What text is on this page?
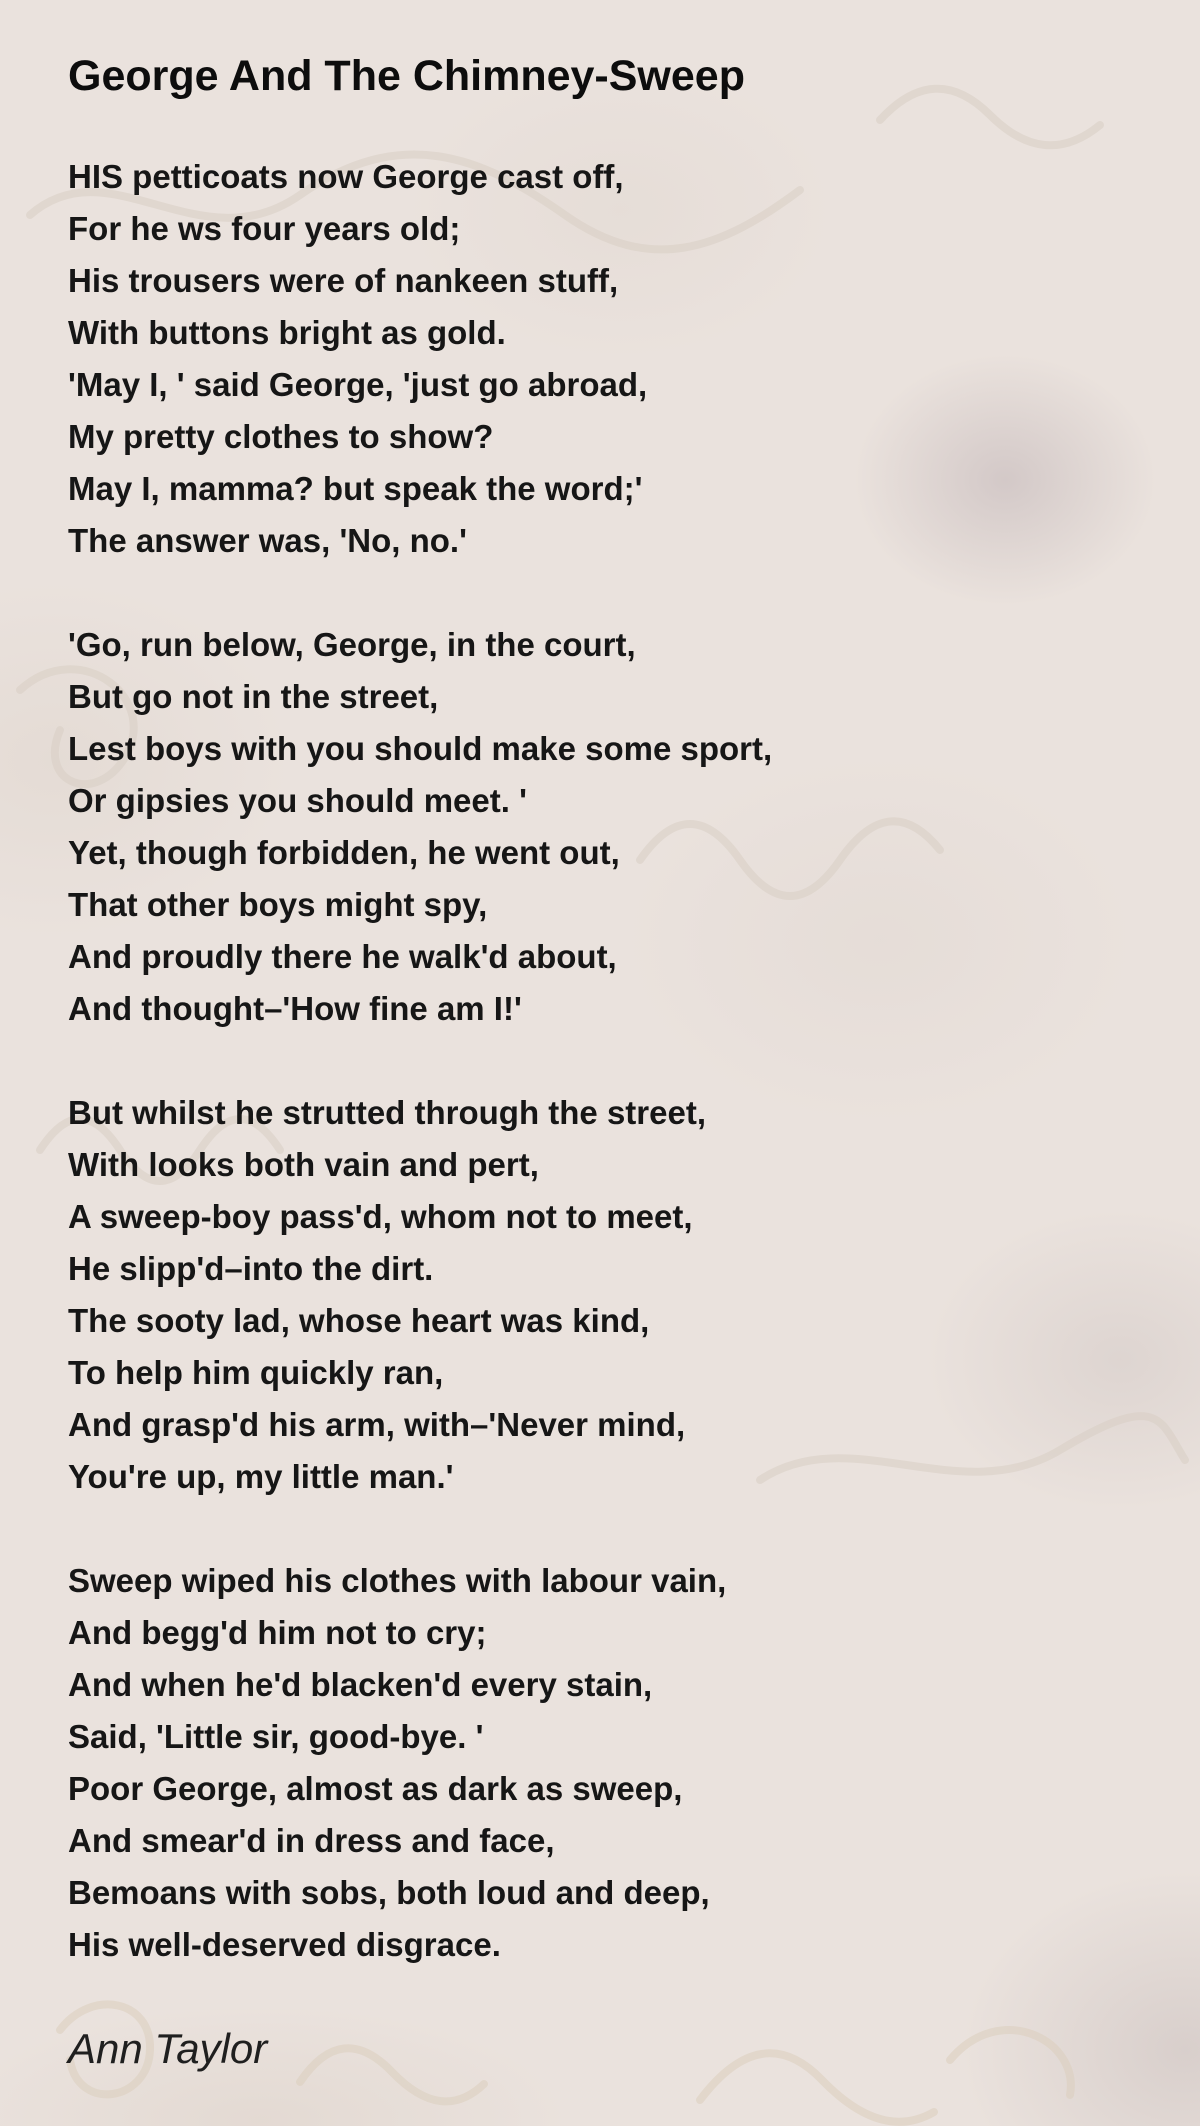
George And The Chimney-Sweep
HIS petticoats now George cast off,
For he ws four years old;
His trousers were of nankeen stuff,
With buttons bright as gold.
'May I, ' said George, 'just go abroad,
My pretty clothes to show?
May I, mamma? but speak the word;'
The answer was, 'No, no.'
'Go, run below, George, in the court,
But go not in the street,
Lest boys with you should make some sport,
Or gipsies you should meet. '
Yet, though forbidden, he went out,
That other boys might spy,
And proudly there he walk'd about,
And thought–'How fine am I!'
But whilst he strutted through the street,
With looks both vain and pert,
A sweep-boy pass'd, whom not to meet,
He slipp'd–into the dirt.
The sooty lad, whose heart was kind,
To help him quickly ran,
And grasp'd his arm, with–'Never mind,
You're up, my little man.'
Sweep wiped his clothes with labour vain,
And begg'd him not to cry;
And when he'd blacken'd every stain,
Said, 'Little sir, good-bye. '
Poor George, almost as dark as sweep,
And smear'd in dress and face,
Bemoans with sobs, both loud and deep,
His well-deserved disgrace.
Ann Taylor
